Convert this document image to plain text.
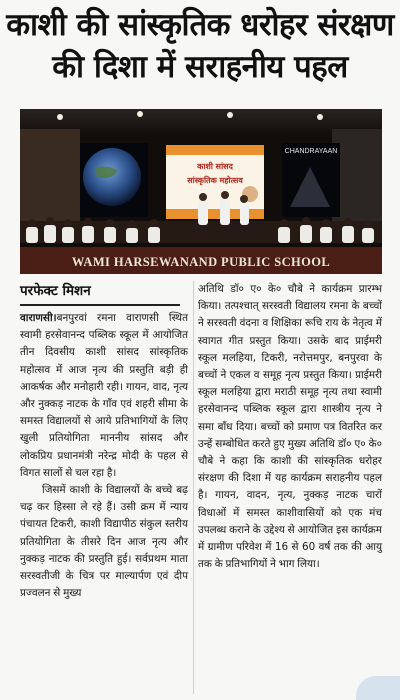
काशी की सांस्कृतिक धरोहर संरक्षण
की दिशा में सराहनीय पहल
CHANDRAYAAN
काशी सांसद
सांस्कृतिक महोत्सव
WAMI HARSEWANAND PUBLIC SCHOOL
परफेक्ट मिशन

वाराणसी।बनपुरवां रमना वाराणसी स्थित स्वामी हरसेवानन्द पब्लिक स्कूल में आयोजित तीन दिवसीय काशी सांसद सांस्कृतिक महोत्सव में आज नृत्य की प्रस्तुति बड़ी ही आकर्षक और मनोहारी रही। गायन, वाद, नृत्य और नुक्कड़ नाटक के गाँव एवं शहरी सीमा के समस्त विद्यालयों से आये प्रतिभागियों के लिए खुली प्रतियोगिता माननीय सांसद और लोकप्रिय प्रधानमंत्री नरेन्द्र मोदी के पहल से विगत सालों से चल रहा है।

जिसमें काशी के विद्यालयों के बच्चे बढ़ चढ़ कर हिस्सा ले रहे हैं। उसी क्रम में न्याय पंचायत टिकरी, काशी विद्यापीठ संकुल स्तरीय प्रतियोगिता के तीसरे दिन आज नृत्य और नुक्कड़ नाटक की प्रस्तुति हुई। सर्वप्रथम माता सरस्वतीजी के चित्र पर माल्यार्पण एवं दीप प्रज्वलन से मुख्य

अतिथि डॉ० ए० के० चौबे ने कार्यक्रम प्रारम्भ किया। तत्पश्चात् सरस्वती विद्यालय रमना के बच्चों ने सरस्वती वंदना व शिक्षिका रूचि राय के नेतृत्व में स्वागत गीत प्रस्तुत किया। उसके बाद प्राईमरी स्कूल मलहिया, टिकरी, नरोत्तमपुर, बनपुरवा के बच्चों ने एकल व समूह नृत्य प्रस्तुत किया। प्राईमरी स्कूल मलहिया द्वारा मराठी समूह नृत्य तथा स्वामी हरसेवानन्द पब्लिक स्कूल द्वारा शास्त्रीय नृत्य ने समा बाँध दिया। बच्चों को प्रमाण पत्र वितरित कर उन्हें सम्बोधित करते हुए मुख्य अतिथि डॉ० ए० के० चौबे ने कहा कि काशी की सांस्कृतिक धरोहर संरक्षण की दिशा में यह कार्यक्रम सराहनीय पहल है। गायन, वादन, नृत्य, नुक्कड़ नाटक चारों विधाओं में समस्त काशीवासियों को एक मंच उपलब्ध कराने के उद्देश्य से आयोजित इस कार्यक्रम में ग्रामीण परिवेश में 16 से 60 वर्ष तक की आयु तक के प्रतिभागियों ने भाग लिया।
